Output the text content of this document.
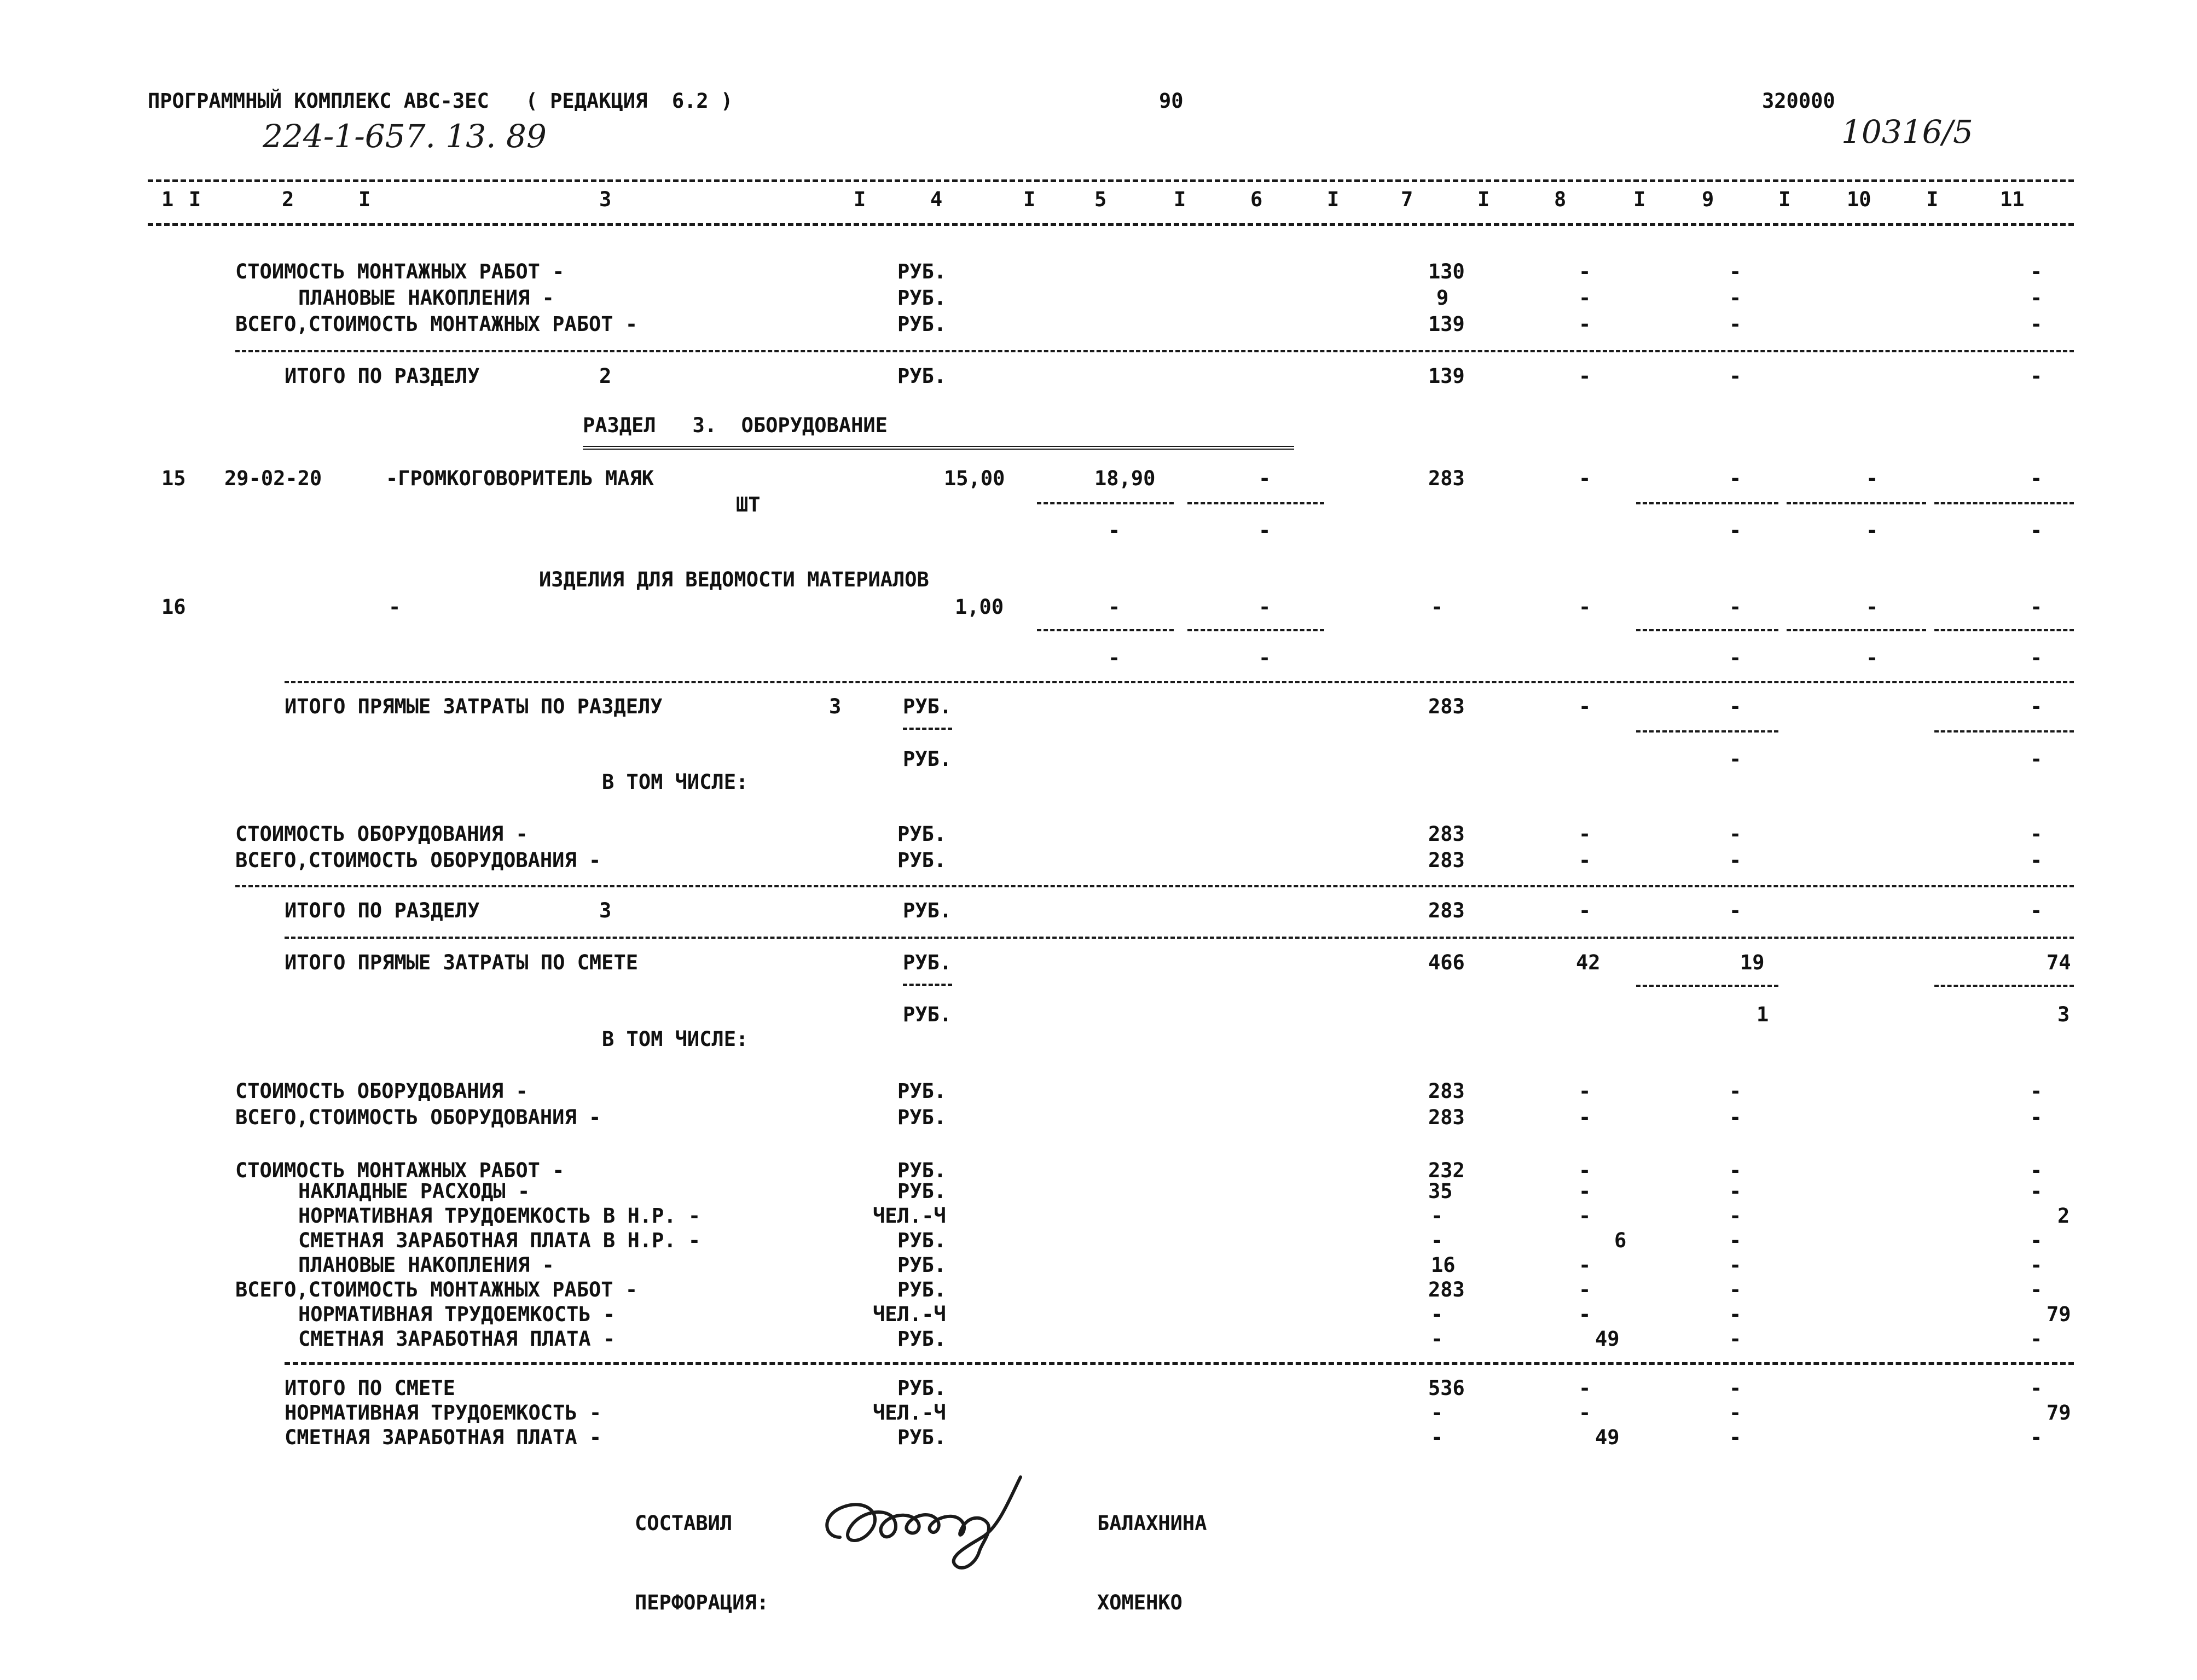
ПРОГРАММНЫЙ КОМПЛЕКС АВС-ЗЕС   ( РЕДАКЦИЯ  6.2 )	90	320000
224-1-657. 13. 89	10316/5
1 I	2	I	3	I	4	I	5	I	6	I	7	I	8	I	9	I	10	I	11
СТОИМОСТЬ МОНТАЖНЫХ РАБОТ -	РУБ.	130	-	-	-
ПЛАНОВЫЕ НАКОПЛЕНИЯ -	РУБ.	9	-	-	-
ВСЕГО,СТОИМОСТЬ МОНТАЖНЫХ РАБОТ -	РУБ.	139	-	-	-
ИТОГО ПО РАЗДЕЛУ	2	РУБ.	139	-	-	-
РАЗДЕЛ   3.  ОБОРУДОВАНИЕ
15 29-02-20	-ГРОМКОГОВОРИТЕЛЬ МАЯК	15,00	18,90	-	283	-	-	-	-
ШТ
-	-	-	-	-
ИЗДЕЛИЯ ДЛЯ ВЕДОМОСТИ МАТЕРИАЛОВ
16	-	1,00	-	-	-	-	-	-	-
-	-	-	-	-
ИТОГО ПРЯМЫЕ ЗАТРАТЫ ПО РАЗДЕЛУ	3	РУБ.	283	-	-	-
РУБ.	-	-
В ТОМ ЧИСЛЕ:
СТОИМОСТЬ ОБОРУДОВАНИЯ -	РУБ.	283	-	-	-
ВСЕГО,СТОИМОСТЬ ОБОРУДОВАНИЯ -	РУБ.	283	-	-	-
ИТОГО ПО РАЗДЕЛУ	3	РУБ.	283	-	-	-
ИТОГО ПРЯМЫЕ ЗАТРАТЫ ПО СМЕТЕ	РУБ.	466	42	19	74
РУБ.	1	3
В ТОМ ЧИСЛЕ:
СТОИМОСТЬ ОБОРУДОВАНИЯ -	РУБ.	283	-	-	-
ВСЕГО,СТОИМОСТЬ ОБОРУДОВАНИЯ -	РУБ.	283	-	-	-
СТОИМОСТЬ МОНТАЖНЫХ РАБОТ -	РУБ.	232	-	-	-
НАКЛАДНЫЕ РАСХОДЫ -	РУБ.	35	-	-	-
НОРМАТИВНАЯ ТРУДОЕМКОСТЬ В Н.Р. -	ЧЕЛ.-Ч	-	-	-	2
СМЕТНАЯ ЗАРАБОТНАЯ ПЛАТА В Н.Р. -	РУБ.	-	6	-	-
ПЛАНОВЫЕ НАКОПЛЕНИЯ -	РУБ.	16	-	-	-
ВСЕГО,СТОИМОСТЬ МОНТАЖНЫХ РАБОТ -	РУБ.	283	-	-	-
НОРМАТИВНАЯ ТРУДОЕМКОСТЬ -	ЧЕЛ.-Ч	-	-	-	79
СМЕТНАЯ ЗАРАБОТНАЯ ПЛАТА -	РУБ.	-	49	-	-
ИТОГО ПО СМЕТЕ	РУБ.	536	-	-	-
НОРМАТИВНАЯ ТРУДОЕМКОСТЬ -	ЧЕЛ.-Ч	-	-	-	79
СМЕТНАЯ ЗАРАБОТНАЯ ПЛАТА -	РУБ.	-	49	-	-
СОСТАВИЛ	БАЛАХНИНА
ПЕРФОРАЦИЯ:	ХОМЕНКО
